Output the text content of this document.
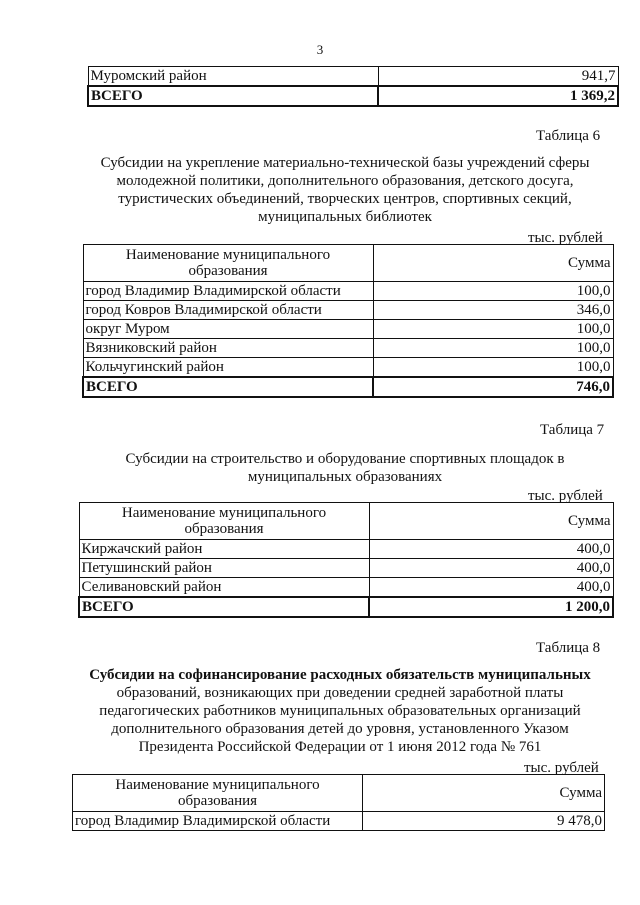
3
Муромский район	941,7
ВСЕГО	1 369,2
Таблица 6
Субсидии на укрепление материально-технической базы учреждений сферы
молодежной политики, дополнительного образования, детского досуга,
туристических объединений, творческих центров, спортивных секций,
муниципальных библиотек
тыс. рублей
Наименование муниципального образования	Сумма
город Владимир Владимирской области	100,0
город Ковров Владимирской области	346,0
округ Муром	100,0
Вязниковский район	100,0
Кольчугинский район	100,0
ВСЕГО	746,0
Таблица 7
Субсидии на строительство и оборудование спортивных площадок в
муниципальных образованиях
тыс. рублей
Наименование муниципального образования	Сумма
Киржачский район	400,0
Петушинский район	400,0
Селивановский район	400,0
ВСЕГО	1 200,0
Таблица 8
Субсидии на софинансирование расходных обязательств муниципальных
образований, возникающих при доведении средней заработной платы
педагогических работников муниципальных образовательных организаций
дополнительного образования детей до уровня, установленного Указом
Президента Российской Федерации от 1 июня 2012 года № 761
тыс. рублей
Наименование муниципального образования	Сумма
город Владимир Владимирской области	9 478,0
